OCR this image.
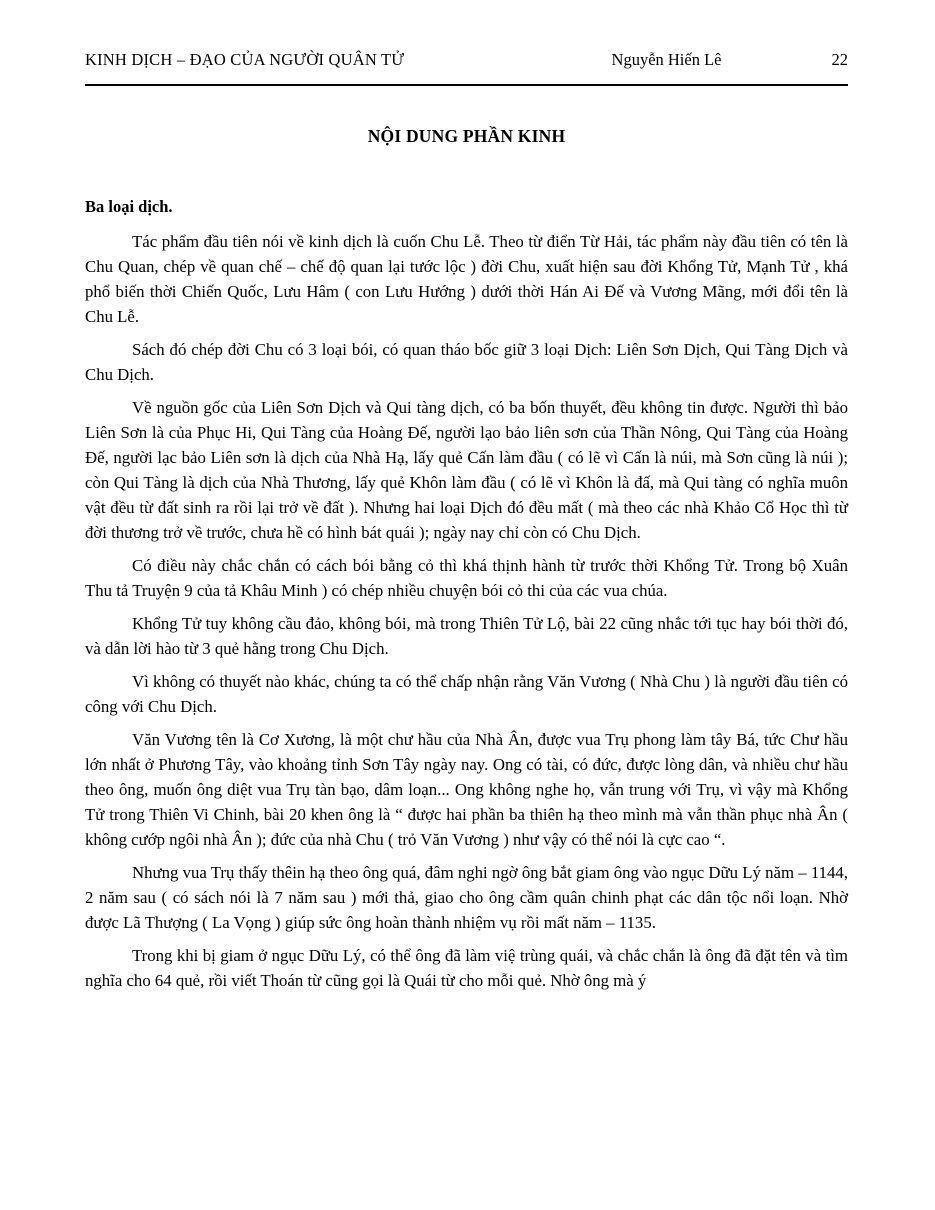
KINH DỊCH – ĐẠO CỦA NGƯỜI QUÂN TỬ	Nguyễn Hiến Lê	22
NỘI DUNG PHẦN KINH
Ba loại dịch.

Tác phẩm đầu tiên nói về kinh dịch là cuốn Chu Lễ. Theo từ điển Từ Hải, tác phẩm này đầu tiên có tên là Chu Quan, chép về quan chế – chế độ quan lại tước lộc ) đời Chu, xuất hiện sau đời Khổng Tử, Mạnh Tử , khá phổ biến thời Chiến Quốc, Lưu Hâm ( con Lưu Hướng ) dưới thời Hán Ai Đế và Vương Mãng, mới đổi tên là Chu Lễ.

Sách đó chép đời Chu có 3 loại bói, có quan tháo bốc giữ 3 loại Dịch: Liên Sơn Dịch, Qui Tàng Dịch và Chu Dịch.

Về nguồn gốc của Liên Sơn Dịch và Qui tàng dịch, có ba bốn thuyết, đều không tin được. Người thì bảo Liên Sơn là của Phục Hi, Qui Tàng của Hoàng Đế, người lạo bảo liên sơn của Thần Nông, Qui Tàng của Hoàng Đế, người lạc bảo Liên sơn là dịch của Nhà Hạ, lấy quẻ Cấn làm đầu ( có lẽ vì Cấn là núi, mà Sơn cũng là núi ); còn Qui Tàng là dịch của Nhà Thương, lấy quẻ Khôn làm đầu ( có lẽ vì Khôn là đấ, mà Qui tàng có nghĩa muôn vật đều từ đất sinh ra rồi lại trở về đất ). Nhưng hai loại Dịch đó đều mất ( mà theo các nhà Khảo Cổ Học thì từ đời thương trở về trước, chưa hề có hình bát quái ); ngày nay chỉ còn có Chu Dịch.

Có điều này chắc chắn có cách bói bằng cỏ thì khá thịnh hành từ trước thời Khổng Tử. Trong bộ Xuân Thu tả Truyện 9 của tả Khâu Minh ) có chép nhiều chuyện bói cỏ thi của các vua chúa.

Khổng Tử tuy không cầu đảo, không bói, mà trong Thiên Tử Lộ, bài 22 cũng nhắc tới tục hay bói thời đó, và dẫn lời hào từ 3 quẻ hằng trong Chu Dịch.

Vì không có thuyết nào khác, chúng ta có thể chấp nhận rằng Văn Vương ( Nhà Chu ) là người đầu tiên có công với Chu Dịch.

Văn Vương tên là Cơ Xương, là một chư hầu của Nhà Ân, được vua Trụ phong làm tây Bá, tức Chư hầu lớn nhất ở Phương Tây, vào khoảng tỉnh Sơn Tây ngày nay. Ong có tài, có đức, được lòng dân, và nhiều chư hầu theo ông, muốn ông diệt vua Trụ tàn bạo, dâm loạn... Ong không nghe họ, vẫn trung với Trụ, vì vậy mà Khổng Tử trong Thiên Vi Chinh, bài 20 khen ông là “ được hai phần ba thiên hạ theo mình mà vẫn thần phục nhà Ân ( không cướp ngôi nhà Ân ); đức của nhà Chu ( trỏ Văn Vương ) như vậy có thể nói là cực cao “.

Nhưng vua Trụ thấy thêin hạ theo ông quá, đâm nghi ngờ ông bắt giam ông vào ngục Dữu Lý năm – 1144, 2 năm sau ( có sách nói là 7 năm sau ) mới thả, giao cho ông cầm quân chinh phạt các dân tộc nổi loạn. Nhờ được Lã Thượng ( La Vọng ) giúp sức ông hoàn thành nhiệm vụ rồi mất năm – 1135.

Trong khi bị giam ở ngục Dữu Lý, có thể ông đã làm việ trùng quái, và chắc chắn là ông đã đặt tên và tìm nghĩa cho 64 quẻ, rồi viết Thoán từ cũng gọi là Quái từ cho mỗi quẻ. Nhờ ông mà ý
